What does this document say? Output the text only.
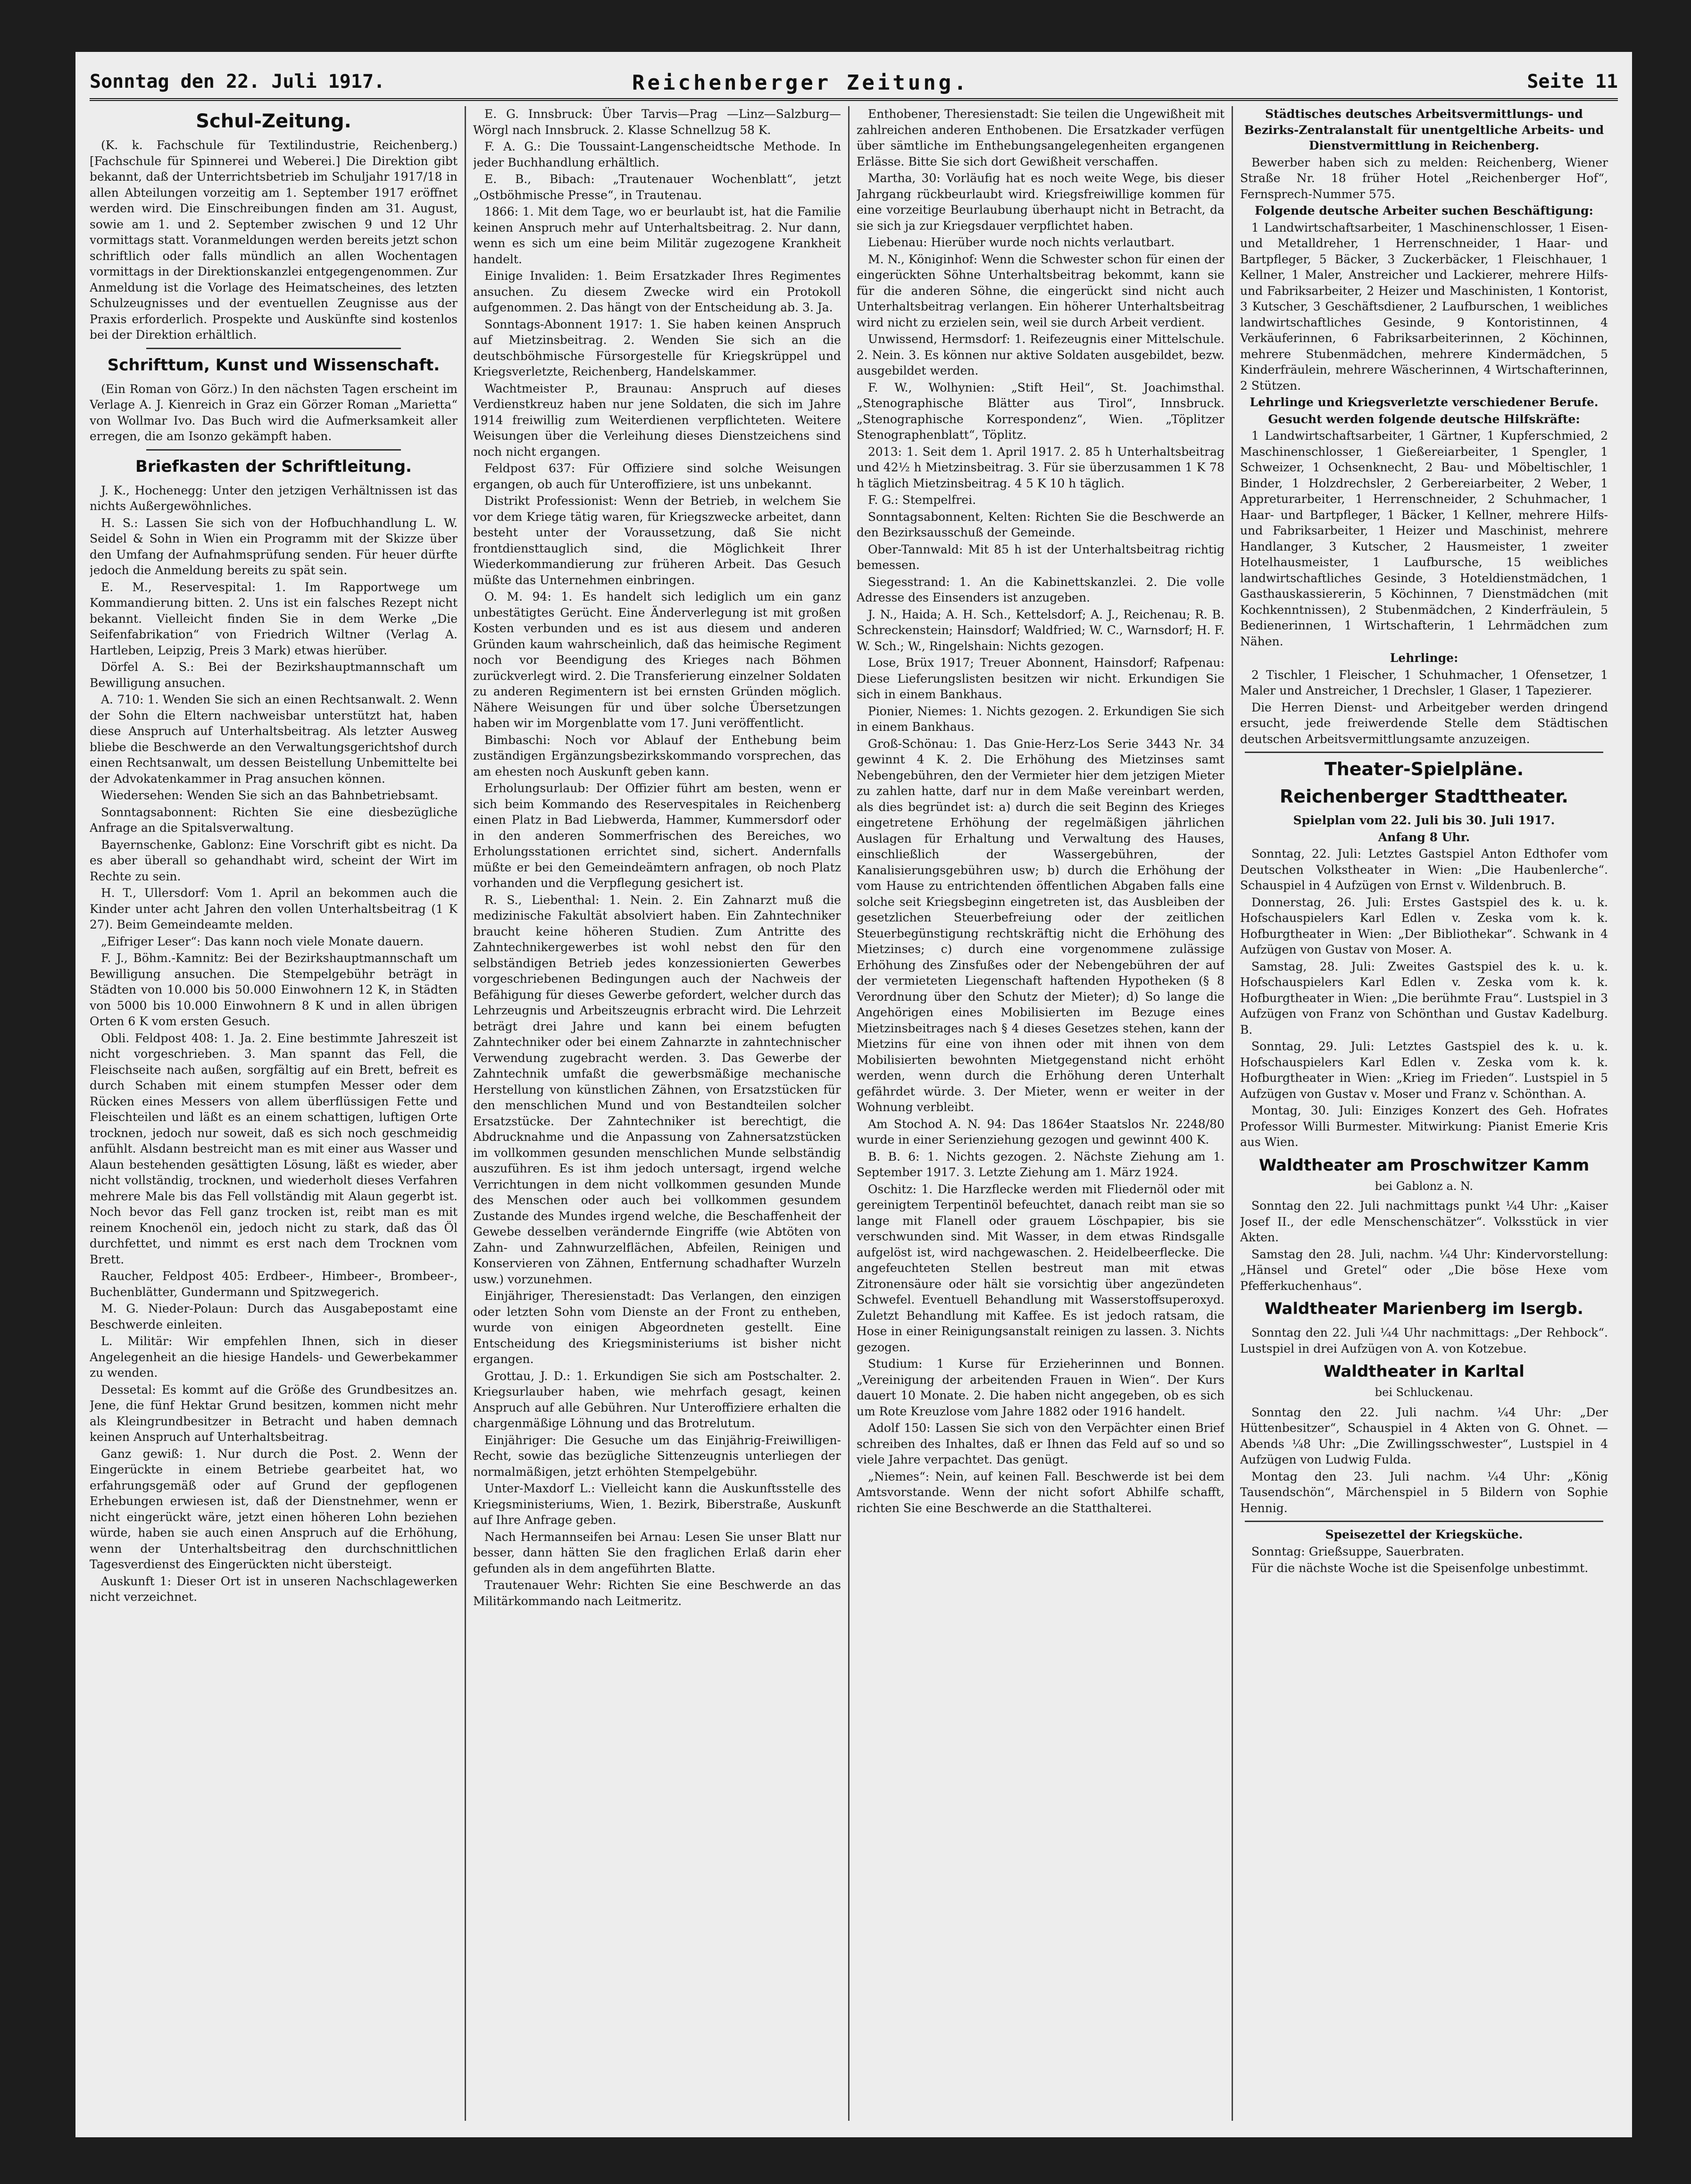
Sonntag den 22. Juli 1917.	Reichenberger Zeitung.	Seite 11
Schul-Zeitung.

(K. k. Fachschule für Textilindustrie, Reichenberg.) [Fachschule für Spinnerei und Weberei.] Die Direktion gibt bekannt, daß der Unterrichtsbetrieb im Schuljahr 1917/18 in allen Abteilungen vorzeitig am 1. September 1917 eröffnet werden wird. Die Einschreibungen finden am 31. August, sowie am 1. und 2. September zwischen 9 und 12 Uhr vormittags statt. Voranmeldungen werden bereits jetzt schon schriftlich oder falls mündlich an allen Wochentagen vormittags in der Direktionskanzlei entgegengenommen. Zur Anmeldung ist die Vorlage des Heimatscheines, des letzten Schulzeugnisses und der eventuellen Zeugnisse aus der Praxis erforderlich. Prospekte und Auskünfte sind kostenlos bei der Direktion erhältlich.

Schrifttum, Kunst und Wissenschaft.

(Ein Roman von Görz.) In den nächsten Tagen erscheint im Verlage A. J. Kienreich in Graz ein Görzer Roman „Marietta“ von Wollmar Ivo. Das Buch wird die Aufmerksamkeit aller erregen, die am Isonzo gekämpft haben.

Briefkasten der Schriftleitung.

J. K., Hochenegg: Unter den jetzigen Verhältnissen ist das nichts Außergewöhnliches.

H. S.: Lassen Sie sich von der Hofbuchhandlung L. W. Seidel & Sohn in Wien ein Programm mit der Skizze über den Umfang der Aufnahmsprüfung senden. Für heuer dürfte jedoch die Anmeldung bereits zu spät sein.

E. M., Reservespital: 1. Im Rapportwege um Kommandierung bitten. 2. Uns ist ein falsches Rezept nicht bekannt. Vielleicht finden Sie in dem Werke „Die Seifenfabrikation“ von Friedrich Wiltner (Verlag A. Hartleben, Leipzig, Preis 3 Mark) etwas hierüber.

Dörfel A. S.: Bei der Bezirkshauptmannschaft um Bewilligung ansuchen.

A. 710: 1. Wenden Sie sich an einen Rechtsanwalt. 2. Wenn der Sohn die Eltern nachweisbar unterstützt hat, haben diese Anspruch auf Unterhaltsbeitrag. Als letzter Ausweg bliebe die Beschwerde an den Verwaltungsgerichtshof durch einen Rechtsanwalt, um dessen Beistellung Unbemittelte bei der Advokatenkammer in Prag ansuchen können.

Wiedersehen: Wenden Sie sich an das Bahnbetriebsamt.

Sonntagsabonnent: Richten Sie eine diesbezügliche Anfrage an die Spitalsverwaltung.

Bayernschenke, Gablonz: Eine Vorschrift gibt es nicht. Da es aber überall so gehandhabt wird, scheint der Wirt im Rechte zu sein.

H. T., Ullersdorf: Vom 1. April an bekommen auch die Kinder unter acht Jahren den vollen Unterhaltsbeitrag (1 K 27). Beim Gemeindeamte melden.

„Eifriger Leser“: Das kann noch viele Monate dauern.

F. J., Böhm.-Kamnitz: Bei der Bezirkshauptmannschaft um Bewilligung ansuchen. Die Stempelgebühr beträgt in Städten von 10.000 bis 50.000 Einwohnern 12 K, in Städten von 5000 bis 10.000 Einwohnern 8 K und in allen übrigen Orten 6 K vom ersten Gesuch.

Obli. Feldpost 408: 1. Ja. 2. Eine bestimmte Jahreszeit ist nicht vorgeschrieben. 3. Man spannt das Fell, die Fleischseite nach außen, sorgfältig auf ein Brett, befreit es durch Schaben mit einem stumpfen Messer oder dem Rücken eines Messers von allem überflüssigen Fette und Fleischteilen und läßt es an einem schattigen, luftigen Orte trocknen, jedoch nur soweit, daß es sich noch geschmeidig anfühlt. Alsdann bestreicht man es mit einer aus Wasser und Alaun bestehenden gesättigten Lösung, läßt es wieder, aber nicht vollständig, trocknen, und wiederholt dieses Verfahren mehrere Male bis das Fell vollständig mit Alaun gegerbt ist. Noch bevor das Fell ganz trocken ist, reibt man es mit reinem Knochenöl ein, jedoch nicht zu stark, daß das Öl durchfettet, und nimmt es erst nach dem Trocknen vom Brett.

Raucher, Feldpost 405: Erdbeer-, Himbeer-, Brombeer-, Buchenblätter, Gundermann und Spitzwegerich.

M. G. Nieder-Polaun: Durch das Ausgabepostamt eine Beschwerde einleiten.

L. Militär: Wir empfehlen Ihnen, sich in dieser Angelegenheit an die hiesige Handels- und Gewerbekammer zu wenden.

Dessetal: Es kommt auf die Größe des Grundbesitzes an. Jene, die fünf Hektar Grund besitzen, kommen nicht mehr als Kleingrundbesitzer in Betracht und haben demnach keinen Anspruch auf Unterhaltsbeitrag.

Ganz gewiß: 1. Nur durch die Post. 2. Wenn der Eingerückte in einem Betriebe gearbeitet hat, wo erfahrungsgemäß oder auf Grund der gepflogenen Erhebungen erwiesen ist, daß der Dienstnehmer, wenn er nicht eingerückt wäre, jetzt einen höheren Lohn beziehen würde, haben sie auch einen Anspruch auf die Erhöhung, wenn der Unterhaltsbeitrag den durchschnittlichen Tagesverdienst des Eingerückten nicht übersteigt.

Auskunft 1: Dieser Ort ist in unseren Nachschlagewerken nicht verzeichnet.

E. G. Innsbruck: Über Tarvis—Prag —Linz—Salzburg—Wörgl nach Innsbruck. 2. Klasse Schnellzug 58 K.

F. A. G.: Die Toussaint-Langenscheidtsche Methode. In jeder Buchhandlung erhältlich.

E. B., Bibach: „Trautenauer Wochenblatt“, jetzt „Ostböhmische Presse“, in Trautenau.

1866: 1. Mit dem Tage, wo er beurlaubt ist, hat die Familie keinen Anspruch mehr auf Unterhaltsbeitrag. 2. Nur dann, wenn es sich um eine beim Militär zugezogene Krankheit handelt.

Einige Invaliden: 1. Beim Ersatzkader Ihres Regimentes ansuchen. Zu diesem Zwecke wird ein Protokoll aufgenommen. 2. Das hängt von der Entscheidung ab. 3. Ja.

Sonntags-Abonnent 1917: 1. Sie haben keinen Anspruch auf Mietzinsbeitrag. 2. Wenden Sie sich an die deutschböhmische Fürsorgestelle für Kriegskrüppel und Kriegsverletzte, Reichenberg, Handelskammer.

Wachtmeister P., Braunau: Anspruch auf dieses Verdienstkreuz haben nur jene Soldaten, die sich im Jahre 1914 freiwillig zum Weiterdienen verpflichteten. Weitere Weisungen über die Verleihung dieses Dienstzeichens sind noch nicht ergangen.

Feldpost 637: Für Offiziere sind solche Weisungen ergangen, ob auch für Unteroffiziere, ist uns unbekannt.

Distrikt Professionist: Wenn der Betrieb, in welchem Sie vor dem Kriege tätig waren, für Kriegszwecke arbeitet, dann besteht unter der Voraussetzung, daß Sie nicht frontdiensttauglich sind, die Möglichkeit Ihrer Wiederkommandierung zur früheren Arbeit. Das Gesuch müßte das Unternehmen einbringen.

O. M. 94: 1. Es handelt sich lediglich um ein ganz unbestätigtes Gerücht. Eine Änderverlegung ist mit großen Kosten verbunden und es ist aus diesem und anderen Gründen kaum wahrscheinlich, daß das heimische Regiment noch vor Beendigung des Krieges nach Böhmen zurückverlegt wird. 2. Die Transferierung einzelner Soldaten zu anderen Regimentern ist bei ernsten Gründen möglich. Nähere Weisungen für und über solche Übersetzungen haben wir im Morgenblatte vom 17. Juni veröffentlicht.

Bimbaschi: Noch vor Ablauf der Enthebung beim zuständigen Ergänzungsbezirkskommando vorsprechen, das am ehesten noch Auskunft geben kann.

Erholungsurlaub: Der Offizier führt am besten, wenn er sich beim Kommando des Reservespitales in Reichenberg einen Platz in Bad Liebwerda, Hammer, Kummersdorf oder in den anderen Sommerfrischen des Bereiches, wo Erholungsstationen errichtet sind, sichert. Andernfalls müßte er bei den Gemeindeämtern anfragen, ob noch Platz vorhanden und die Verpflegung gesichert ist.

R. S., Liebenthal: 1. Nein. 2. Ein Zahnarzt muß die medizinische Fakultät absolviert haben. Ein Zahntechniker braucht keine höheren Studien. Zum Antritte des Zahntechnikergewerbes ist wohl nebst den für den selbständigen Betrieb jedes konzessionierten Gewerbes vorgeschriebenen Bedingungen auch der Nachweis der Befähigung für dieses Gewerbe gefordert, welcher durch das Lehrzeugnis und Arbeitszeugnis erbracht wird. Die Lehrzeit beträgt drei Jahre und kann bei einem befugten Zahntechniker oder bei einem Zahnarzte in zahntechnischer Verwendung zugebracht werden. 3. Das Gewerbe der Zahntechnik umfaßt die gewerbsmäßige mechanische Herstellung von künstlichen Zähnen, von Ersatzstücken für den menschlichen Mund und von Bestandteilen solcher Ersatzstücke. Der Zahntechniker ist berechtigt, die Abdrucknahme und die Anpassung von Zahnersatzstücken im vollkommen gesunden menschlichen Munde selbständig auszuführen. Es ist ihm jedoch untersagt, irgend welche Verrichtungen in dem nicht vollkommen gesunden Munde des Menschen oder auch bei vollkommen gesundem Zustande des Mundes irgend welche, die Beschaffenheit der Gewebe desselben verändernde Eingriffe (wie Abtöten von Zahn- und Zahnwurzelflächen, Abfeilen, Reinigen und Konservieren von Zähnen, Entfernung schadhafter Wurzeln usw.) vorzunehmen.

Einjähriger, Theresienstadt: Das Verlangen, den einzigen oder letzten Sohn vom Dienste an der Front zu entheben, wurde von einigen Abgeordneten gestellt. Eine Entscheidung des Kriegsministeriums ist bisher nicht ergangen.

Grottau, J. D.: 1. Erkundigen Sie sich am Postschalter. 2. Kriegsurlauber haben, wie mehrfach gesagt, keinen Anspruch auf alle Gebühren. Nur Unteroffiziere erhalten die chargenmäßige Löhnung und das Brotrelutum.

Einjähriger: Die Gesuche um das Einjährig-Freiwilligen-Recht, sowie das bezügliche Sittenzeugnis unterliegen der normalmäßigen, jetzt erhöhten Stempelgebühr.

Unter-Maxdorf L.: Vielleicht kann die Auskunftsstelle des Kriegsministeriums, Wien, 1. Bezirk, Biberstraße, Auskunft auf Ihre Anfrage geben.

Nach Hermannseifen bei Arnau: Lesen Sie unser Blatt nur besser, dann hätten Sie den fraglichen Erlaß darin eher gefunden als in dem angeführten Blatte.

Trautenauer Wehr: Richten Sie eine Beschwerde an das Militärkommando nach Leitmeritz.

Enthobener, Theresienstadt: Sie teilen die Ungewißheit mit zahlreichen anderen Enthobenen. Die Ersatzkader verfügen über sämtliche im Enthebungsangelegenheiten ergangenen Erlässe. Bitte Sie sich dort Gewißheit verschaffen.

Martha, 30: Vorläufig hat es noch weite Wege, bis dieser Jahrgang rückbeurlaubt wird. Kriegsfreiwillige kommen für eine vorzeitige Beurlaubung überhaupt nicht in Betracht, da sie sich ja zur Kriegsdauer verpflichtet haben.

Liebenau: Hierüber wurde noch nichts verlautbart.

M. N., Königinhof: Wenn die Schwester schon für einen der eingerückten Söhne Unterhaltsbeitrag bekommt, kann sie für die anderen Söhne, die eingerückt sind nicht auch Unterhaltsbeitrag verlangen. Ein höherer Unterhaltsbeitrag wird nicht zu erzielen sein, weil sie durch Arbeit verdient.

Unwissend, Hermsdorf: 1. Reifezeugnis einer Mittelschule. 2. Nein. 3. Es können nur aktive Soldaten ausgebildet, bezw. ausgebildet werden.

F. W., Wolhynien: „Stift Heil“, St. Joachimsthal. „Stenographische Blätter aus Tirol“, Innsbruck. „Stenographische Korrespondenz“, Wien. „Töplitzer Stenographenblatt“, Töplitz.

2013: 1. Seit dem 1. April 1917. 2. 85 h Unterhaltsbeitrag und 42½ h Mietzinsbeitrag. 3. Für sie überzusammen 1 K 78 h täglich Mietzinsbeitrag. 4 5 K 10 h täglich.

F. G.: Stempelfrei.

Sonntagsabonnent, Kelten: Richten Sie die Beschwerde an den Bezirksausschuß der Gemeinde.

Ober-Tannwald: Mit 85 h ist der Unterhaltsbeitrag richtig bemessen.

Siegesstrand: 1. An die Kabinettskanzlei. 2. Die volle Adresse des Einsenders ist anzugeben.

J. N., Haida; A. H. Sch., Kettelsdorf; A. J., Reichenau; R. B. Schreckenstein; Hainsdorf; Waldfried; W. C., Warnsdorf; H. F. W. Sch.; W., Ringelshain: Nichts gezogen.

Lose, Brüx 1917; Treuer Abonnent, Hainsdorf; Rafpenau: Diese Lieferungslisten besitzen wir nicht. Erkundigen Sie sich in einem Bankhaus.

Pionier, Niemes: 1. Nichts gezogen. 2. Erkundigen Sie sich in einem Bankhaus.

Groß-Schönau: 1. Das Gnie-Herz-Los Serie 3443 Nr. 34 gewinnt 4 K. 2. Die Erhöhung des Mietzinses samt Nebengebühren, den der Vermieter hier dem jetzigen Mieter zu zahlen hatte, darf nur in dem Maße vereinbart werden, als dies begründet ist: a) durch die seit Beginn des Krieges eingetretene Erhöhung der regelmäßigen jährlichen Auslagen für Erhaltung und Verwaltung des Hauses, einschließlich der Wassergebühren, der Kanalisierungsgebühren usw; b) durch die Erhöhung der vom Hause zu entrichtenden öffentlichen Abgaben falls eine solche seit Kriegsbeginn eingetreten ist, das Ausbleiben der gesetzlichen Steuerbefreiung oder der zeitlichen Steuerbegünstigung rechtskräftig nicht die Erhöhung des Mietzinses; c) durch eine vorgenommene zulässige Erhöhung des Zinsfußes oder der Nebengebühren der auf der vermieteten Liegenschaft haftenden Hypotheken (§ 8 Verordnung über den Schutz der Mieter); d) So lange die Angehörigen eines Mobilisierten im Bezuge eines Mietzinsbeitrages nach § 4 dieses Gesetzes stehen, kann der Mietzins für eine von ihnen oder mit ihnen von dem Mobilisierten bewohnten Mietgegenstand nicht erhöht werden, wenn durch die Erhöhung deren Unterhalt gefährdet würde. 3. Der Mieter, wenn er weiter in der Wohnung verbleibt.

Am Stochod A. N. 94: Das 1864er Staatslos Nr. 2248/80 wurde in einer Serienziehung gezogen und gewinnt 400 K.

B. B. 6: 1. Nichts gezogen. 2. Nächste Ziehung am 1. September 1917. 3. Letzte Ziehung am 1. März 1924.

Oschitz: 1. Die Harzflecke werden mit Fliedernöl oder mit gereinigtem Terpentinöl befeuchtet, danach reibt man sie so lange mit Flanell oder grauem Löschpapier, bis sie verschwunden sind. Mit Wasser, in dem etwas Rindsgalle aufgelöst ist, wird nachgewaschen. 2. Heidelbeerflecke. Die angefeuchteten Stellen bestreut man mit etwas Zitronensäure oder hält sie vorsichtig über angezündeten Schwefel. Eventuell Behandlung mit Wasserstoffsuperoxyd. Zuletzt Behandlung mit Kaffee. Es ist jedoch ratsam, die Hose in einer Reinigungsanstalt reinigen zu lassen. 3. Nichts gezogen.

Studium: 1 Kurse für Erzieherinnen und Bonnen. „Vereinigung der arbeitenden Frauen in Wien“. Der Kurs dauert 10 Monate. 2. Die haben nicht angegeben, ob es sich um Rote Kreuzlose vom Jahre 1882 oder 1916 handelt.

Adolf 150: Lassen Sie sich von den Verpächter einen Brief schreiben des Inhaltes, daß er Ihnen das Feld auf so und so viele Jahre verpachtet. Das genügt.

„Niemes“: Nein, auf keinen Fall. Beschwerde ist bei dem Amtsvorstande. Wenn der nicht sofort Abhilfe schafft, richten Sie eine Beschwerde an die Statthalterei.

Städtisches deutsches Arbeitsvermittlungs- und Bezirks-Zentralanstalt für unentgeltliche Arbeits- und Dienstvermittlung in Reichenberg.

Bewerber haben sich zu melden: Reichenberg, Wiener Straße Nr. 18 früher Hotel „Reichenberger Hof“, Fernsprech-Nummer 575.

Folgende deutsche Arbeiter suchen Beschäftigung:

1 Landwirtschaftsarbeiter, 1 Maschinenschlosser, 1 Eisen- und Metalldreher, 1 Herrenschneider, 1 Haar- und Bartpfleger, 5 Bäcker, 3 Zuckerbäcker, 1 Fleischhauer, 1 Kellner, 1 Maler, Anstreicher und Lackierer, mehrere Hilfs- und Fabriksarbeiter, 2 Heizer und Maschinisten, 1 Kontorist, 3 Kutscher, 3 Geschäftsdiener, 2 Laufburschen, 1 weibliches landwirtschaftliches Gesinde, 9 Kontoristinnen, 4 Verkäuferinnen, 6 Fabriksarbeiterinnen, 2 Köchinnen, mehrere Stubenmädchen, mehrere Kindermädchen, 5 Kinderfräulein, mehrere Wäscherinnen, 4 Wirtschafterinnen, 2 Stützen.

Lehrlinge und Kriegsverletzte verschiedener Berufe.

Gesucht werden folgende deutsche Hilfskräfte:

1 Landwirtschaftsarbeiter, 1 Gärtner, 1 Kupferschmied, 2 Maschinenschlosser, 1 Gießereiarbeiter, 1 Spengler, 1 Schweizer, 1 Ochsenknecht, 2 Bau- und Möbeltischler, 1 Binder, 1 Holzdrechsler, 2 Gerbereiarbeiter, 2 Weber, 1 Appreturarbeiter, 1 Herrenschneider, 2 Schuhmacher, 1 Haar- und Bartpfleger, 1 Bäcker, 1 Kellner, mehrere Hilfs- und Fabriksarbeiter, 1 Heizer und Maschinist, mehrere Handlanger, 3 Kutscher, 2 Hausmeister, 1 zweiter Hotelhausmeister, 1 Laufbursche, 15 weibliches landwirtschaftliches Gesinde, 3 Hoteldienstmädchen, 1 Gasthauskassiererin, 5 Köchinnen, 7 Dienstmädchen (mit Kochkenntnissen), 2 Stubenmädchen, 2 Kinderfräulein, 5 Bedienerinnen, 1 Wirtschafterin, 1 Lehrmädchen zum Nähen.

Lehrlinge:

2 Tischler, 1 Fleischer, 1 Schuhmacher, 1 Ofensetzer, 1 Maler und Anstreicher, 1 Drechsler, 1 Glaser, 1 Tapezierer.

Die Herren Dienst- und Arbeitgeber werden dringend ersucht, jede freiwerdende Stelle dem Städtischen deutschen Arbeitsvermittlungsamte anzuzeigen.

Theater-Spielpläne.
Reichenberger Stadttheater.

Spielplan vom 22. Juli bis 30. Juli 1917.

Anfang 8 Uhr.

Sonntag, 22. Juli: Letztes Gastspiel Anton Edthofer vom Deutschen Volkstheater in Wien: „Die Haubenlerche“. Schauspiel in 4 Aufzügen von Ernst v. Wildenbruch. B.

Donnerstag, 26. Juli: Erstes Gastspiel des k. u. k. Hofschauspielers Karl Edlen v. Zeska vom k. k. Hofburgtheater in Wien: „Der Bibliothekar“. Schwank in 4 Aufzügen von Gustav von Moser. A.

Samstag, 28. Juli: Zweites Gastspiel des k. u. k. Hofschauspielers Karl Edlen v. Zeska vom k. k. Hofburgtheater in Wien: „Die berühmte Frau“. Lustspiel in 3 Aufzügen von Franz von Schönthan und Gustav Kadelburg. B.

Sonntag, 29. Juli: Letztes Gastspiel des k. u. k. Hofschauspielers Karl Edlen v. Zeska vom k. k. Hofburgtheater in Wien: „Krieg im Frieden“. Lustspiel in 5 Aufzügen von Gustav v. Moser und Franz v. Schönthan. A.

Montag, 30. Juli: Einziges Konzert des Geh. Hofrates Professor Willi Burmester. Mitwirkung: Pianist Emerie Kris aus Wien.

Waldtheater am Proschwitzer Kamm
bei Gablonz a. N.

Sonntag den 22. Juli nachmittags punkt ¼4 Uhr: „Kaiser Josef II., der edle Menschenschätzer“. Volksstück in vier Akten.

Samstag den 28. Juli, nachm. ¼4 Uhr: Kindervorstellung: „Hänsel und Gretel“ oder „Die böse Hexe vom Pfefferkuchenhaus“.

Waldtheater Marienberg im Isergb.

Sonntag den 22. Juli ¼4 Uhr nachmittags: „Der Rehbock“. Lustspiel in drei Aufzügen von A. von Kotzebue.

Waldtheater in Karltal
bei Schluckenau.

Sonntag den 22. Juli nachm. ¼4 Uhr: „Der Hüttenbesitzer“, Schauspiel in 4 Akten von G. Ohnet. — Abends ¼8 Uhr: „Die Zwillingsschwester“, Lustspiel in 4 Aufzügen von Ludwig Fulda.

Montag den 23. Juli nachm. ¼4 Uhr: „König Tausendschön“, Märchenspiel in 5 Bildern von Sophie Hennig.

Speisezettel der Kriegsküche.

Sonntag: Grießsuppe, Sauerbraten.

Für die nächste Woche ist die Speisenfolge unbestimmt.
